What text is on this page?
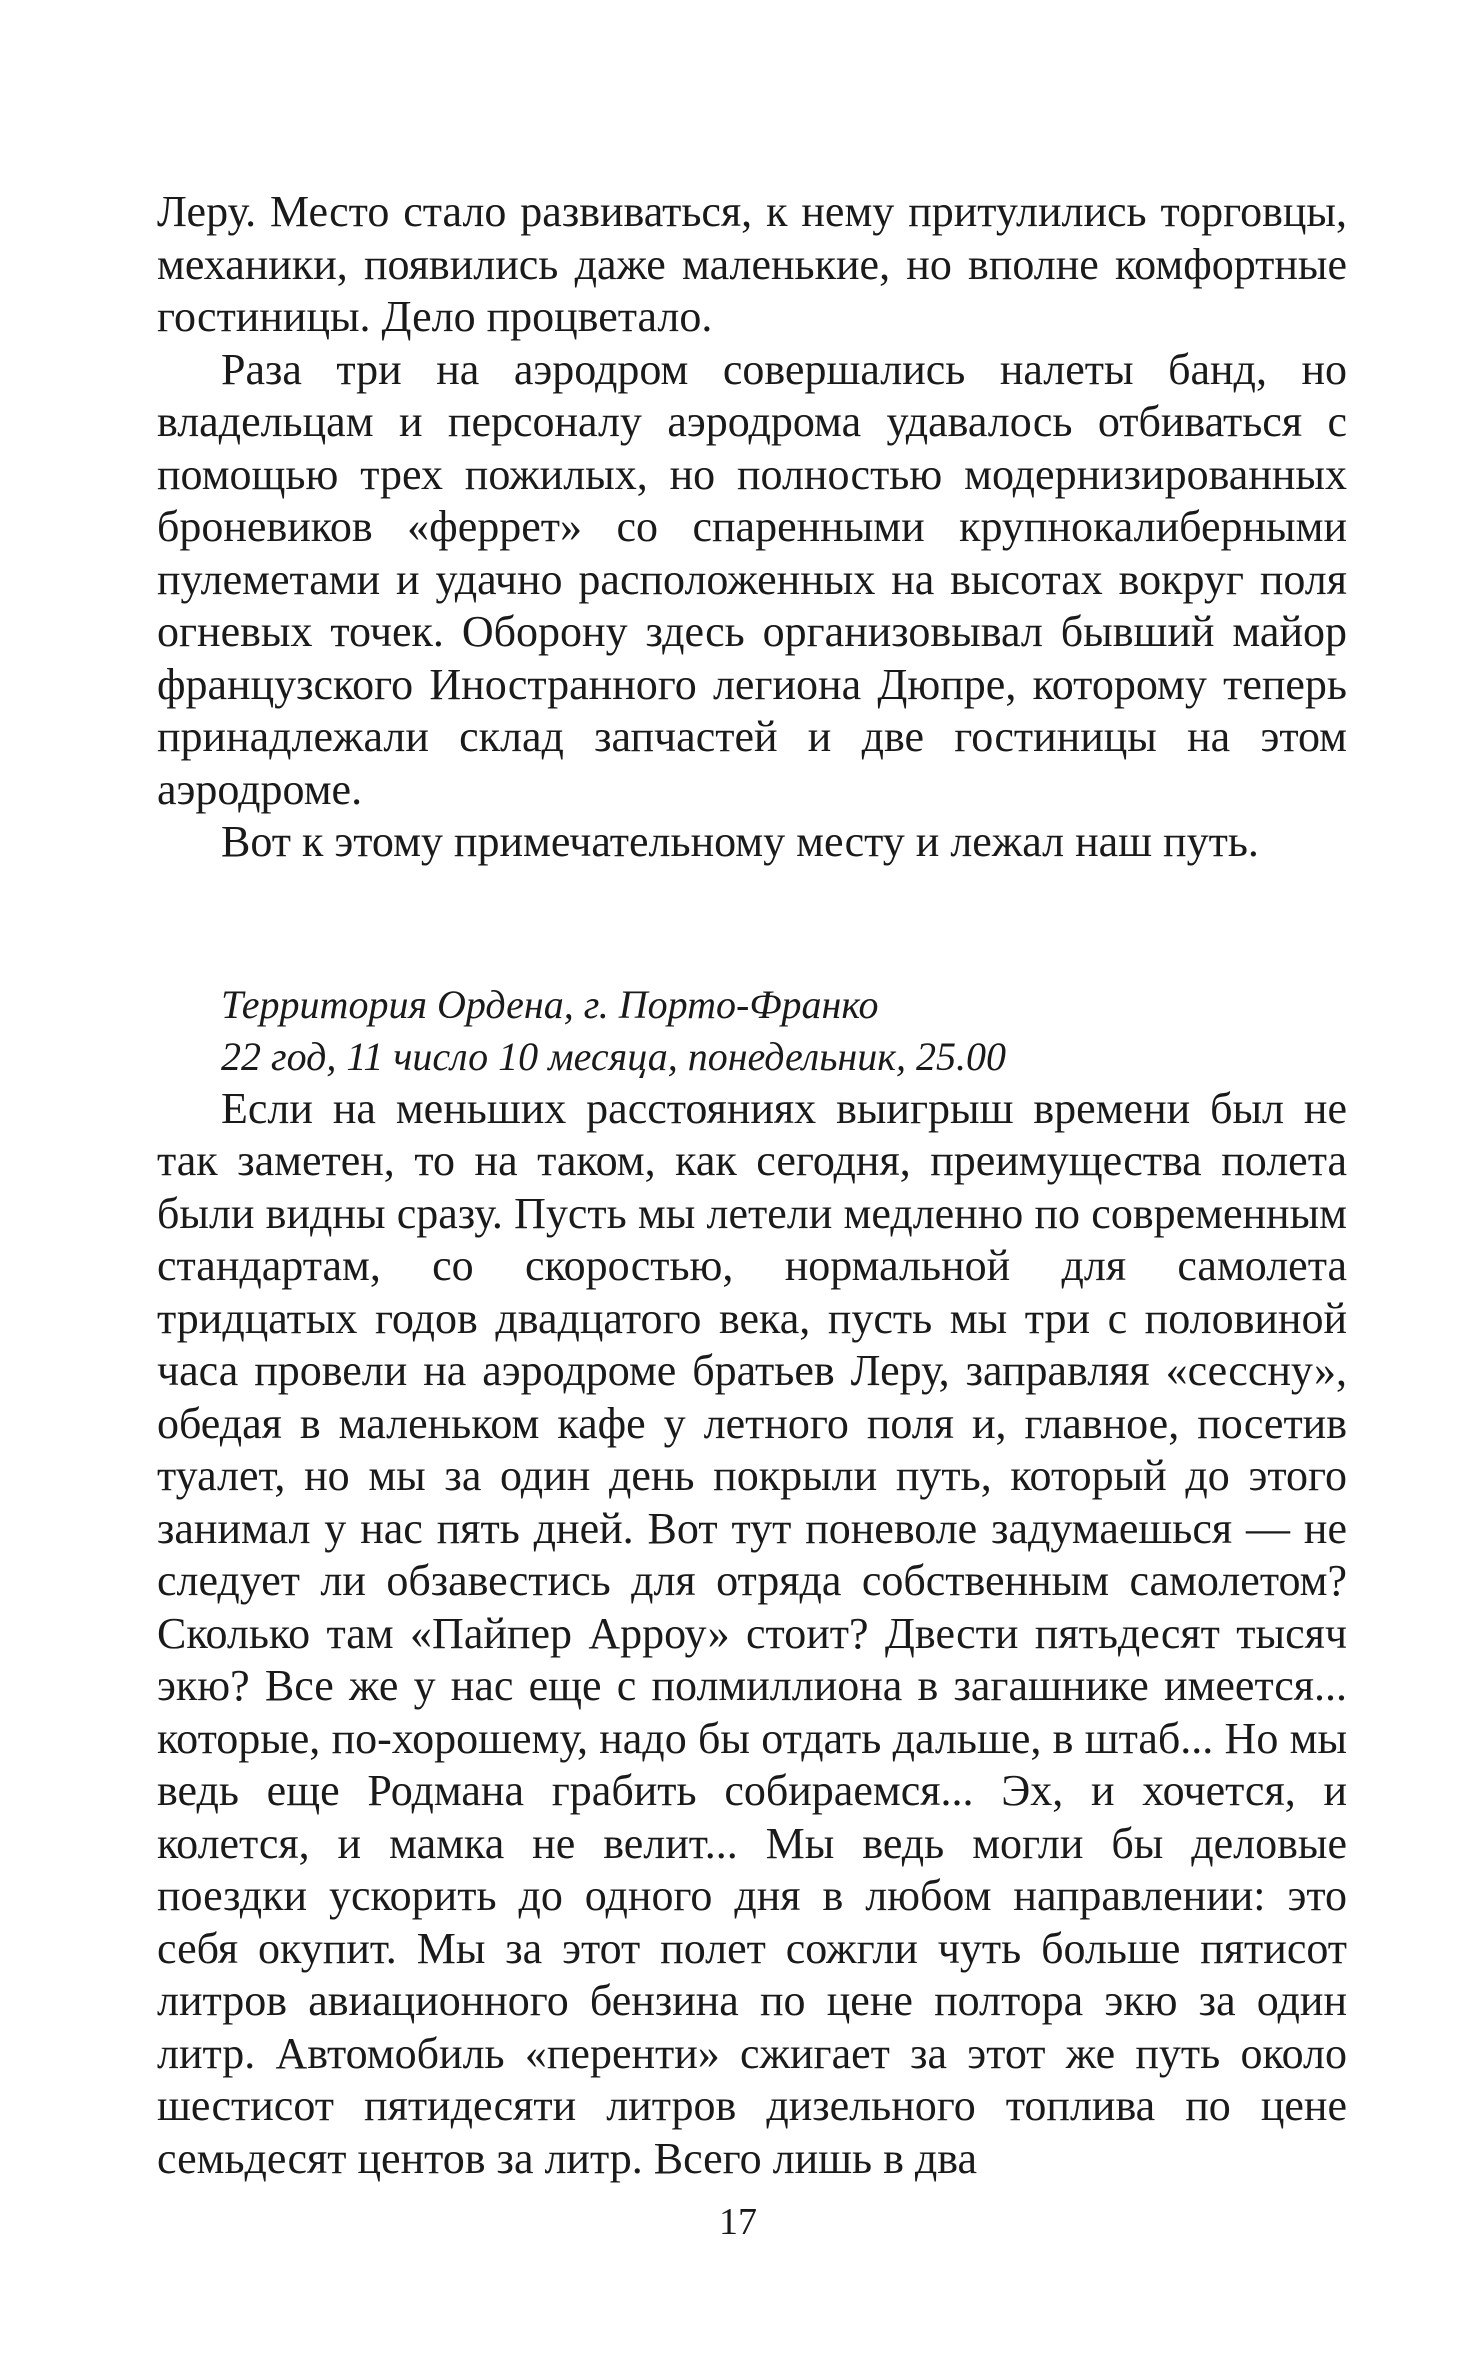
Леру. Место стало развиваться, к нему притулились торговцы, механики, появились даже маленькие, но вполне комфортные гостиницы. Дело процветало.

Раза три на аэродром совершались налеты банд, но владельцам и персоналу аэродрома удавалось отбиваться с помощью трех пожилых, но полностью модернизированных броневиков «феррет» со спаренными крупнокалиберными пулеметами и удачно расположенных на высотах вокруг поля огневых точек. Оборону здесь организовывал бывший майор французского Иностранного легиона Дюпре, которому теперь принадлежали склад запчастей и две гостиницы на этом аэродроме.

Вот к этому примечательному месту и лежал наш путь.

Территория Ордена, г. Порто-Франко

22 год, 11 число 10 месяца, понедельник, 25.00

Если на меньших расстояниях выигрыш времени был не так заметен, то на таком, как сегодня, преимущества полета были видны сразу. Пусть мы летели медленно по современным стандартам, со скоростью, нормальной для самолета тридцатых годов двадцатого века, пусть мы три с половиной часа провели на аэродроме братьев Леру, заправляя «сессну», обедая в маленьком кафе у летного поля и, главное, посетив туалет, но мы за один день покрыли путь, который до этого занимал у нас пять дней. Вот тут поневоле задумаешься — не следует ли обзавестись для отряда собственным самолетом? Сколько там «Пайпер Арроу» стоит? Двести пятьдесят тысяч экю? Все же у нас еще с полмиллиона в загашнике имеется... которые, по-хорошему, надо бы отдать дальше, в штаб... Но мы ведь еще Родмана грабить собираемся... Эх, и хочется, и колется, и мамка не велит... Мы ведь могли бы деловые поездки ускорить до одного дня в любом направлении: это себя окупит. Мы за этот полет сожгли чуть больше пятисот литров авиационного бензина по цене полтора экю за один литр. Автомобиль «перенти» сжигает за этот же путь около шестисот пятидесяти литров дизельного топлива по цене семьдесят центов за литр. Всего лишь в два

17
